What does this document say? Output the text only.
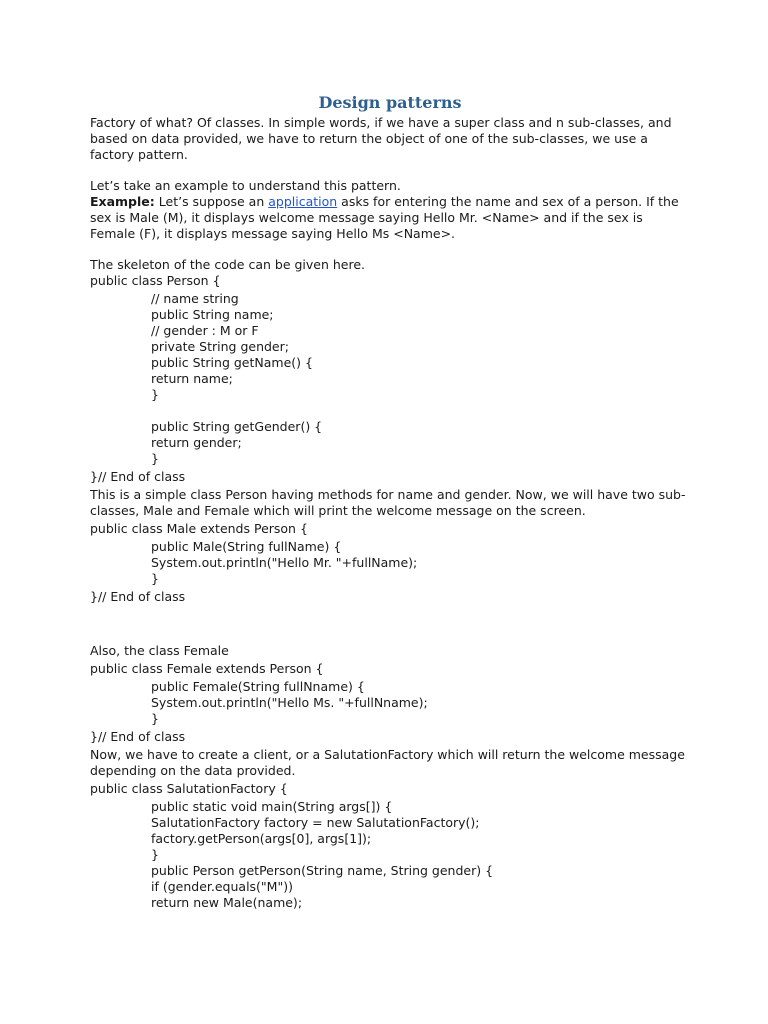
Design patterns

Factory of what? Of classes. In simple words, if we have a super class and n sub-classes, and based on data provided, we have to return the object of one of the sub-classes, we use a factory pattern.

Let’s take an example to understand this pattern.

Example: Let’s suppose an application asks for entering the name and sex of a person. If the sex is Male (M), it displays welcome message saying Hello Mr. <Name> and if the sex is Female (F), it displays message saying Hello Ms <Name>.

The skeleton of the code can be given here.

public class Person {

// name string

public String name;

// gender : M or F

private String gender;

public String getName() {

return name;

}

public String getGender() {

return gender;

}

}// End of class

This is a simple class Person having methods for name and gender. Now, we will have two sub-classes, Male and Female which will print the welcome message on the screen.

public class Male extends Person {

public Male(String fullName) {

System.out.println("Hello Mr. "+fullName);

}

}// End of class

Also, the class Female

public class Female extends Person {

public Female(String fullNname) {

System.out.println("Hello Ms. "+fullNname);

}

}// End of class

Now, we have to create a client, or a SalutationFactory which will return the welcome message depending on the data provided.

public class SalutationFactory {

public static void main(String args[]) {

SalutationFactory factory = new SalutationFactory();

factory.getPerson(args[0], args[1]);

}

public Person getPerson(String name, String gender) {

if (gender.equals("M"))

return new Male(name);
